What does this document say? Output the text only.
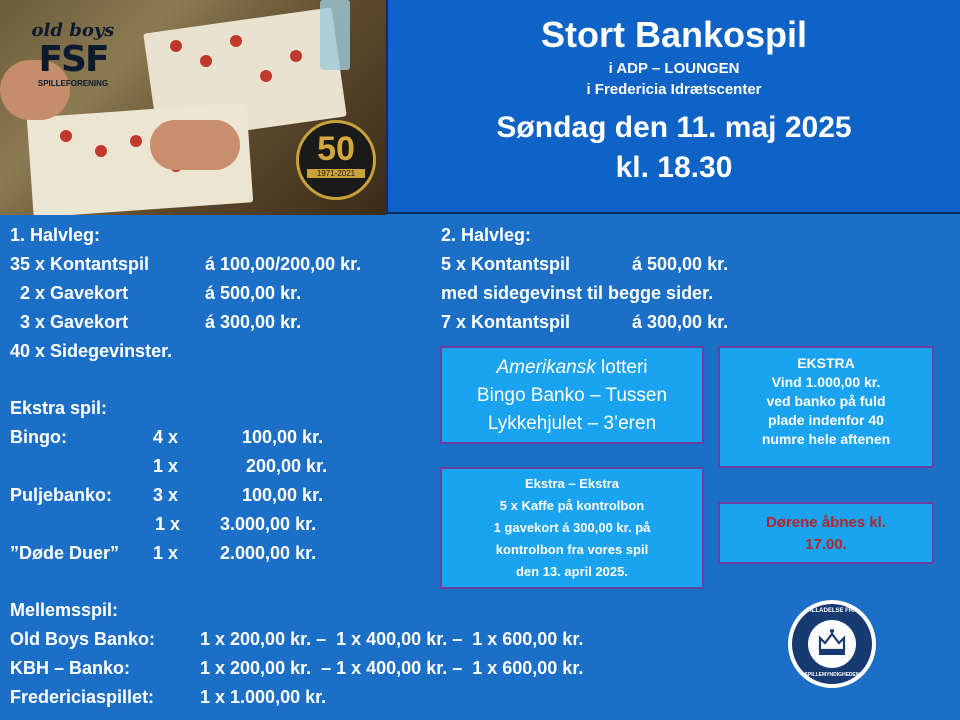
old boys
FSF
SPILLEFORENING
50
1971-2021
Stort Bankospil
i ADP – LOUNGEN
i Fredericia Idrætscenter
Søndag den 11. maj 2025
kl. 18.30
1. Halvleg:
35 x Kontantspil	á 100,00/200,00 kr.
2 x Gavekort	á 500,00 kr.
3 x Gavekort	á 300,00 kr.
40 x Sidegevinster.
2. Halvleg:
5 x Kontantspil	á 500,00 kr.
med sidegevinst til begge sider.
7 x Kontantspil	á 300,00 kr.
Ekstra spil:
Bingo:	4 x	100,00 kr.
1 x	200,00 kr.
Puljebanko: 3 x	100,00 kr.
1 x 3.000,00 kr.
”Døde Duer” 1 x 2.000,00 kr.
Mellemsspil:
Old Boys Banko: 1 x 200,00 kr. –  1 x 400,00 kr. –  1 x 600,00 kr.
KBH – Banko:	1 x 200,00 kr.  – 1 x 400,00 kr. –  1 x 600,00 kr.
Fredericiaspillet:	1 x 1.000,00 kr.
Amerikansk lotteri
Bingo Banko – Tussen
Lykkehjulet – 3’eren
EKSTRA
Vind 1.000,00 kr.
ved banko på fuld
plade indenfor 40
numre hele aftenen
Ekstra – Ekstra
5 x Kaffe på kontrolbon
1 gavekort á 300,00 kr. på
kontrolbon fra vores spil
den 13. april 2025.
Dørene åbnes kl.
17.00.
TILLADELSE FRA
SPILLEMYNDIGHEDEN
